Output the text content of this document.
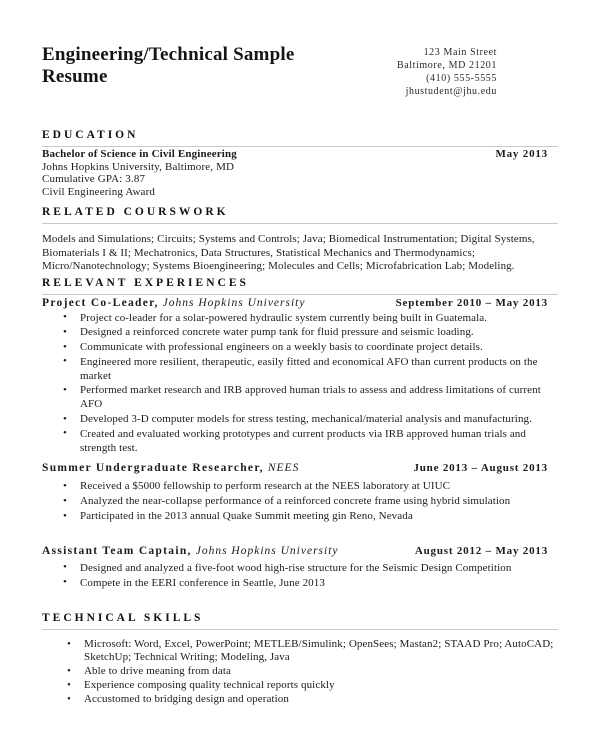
Engineering/Technical Sample Resume
123 Main Street
Baltimore, MD 21201
(410) 555-5555
jhustudent@jhu.edu
EDUCATION
Bachelor of Science in Civil Engineering	May 2013
Johns Hopkins University, Baltimore, MD
Cumulative GPA: 3.87
Civil Engineering Award
RELATED COURSWORK

Models and Simulations; Circuits; Systems and Controls; Java; Biomedical Instrumentation; Digital Systems, Biomaterials I & II; Mechatronics, Data Structures, Statistical Mechanics and Thermodynamics; Micro/Nanotechnology; Systems Bioengineering; Molecules and Cells; Microfabrication Lab; Modeling.

RELEVANT EXPERIENCES
Project Co-Leader, Johns Hopkins University	September 2010 – May 2013
• Project co-leader for a solar-powered hydraulic system currently being built in Guatemala.
• Designed a reinforced concrete water pump tank for fluid pressure and seismic loading.
• Communicate with professional engineers on a weekly basis to coordinate project details.
• Engineered more resilient, therapeutic, easily fitted and economical AFO than current products on the market
• Performed market research and IRB approved human trials to assess and address limitations of current AFO
• Developed 3-D computer models for stress testing, mechanical/material analysis and manufacturing.
• Created and evaluated working prototypes and current products via IRB approved human trials and strength test.
Summer Undergraduate Researcher, NEES	June 2013 – August 2013
• Received a $5000 fellowship to perform research at the NEES laboratory at UIUC
• Analyzed the near-collapse performance of a reinforced concrete frame using hybrid simulation
• Participated in the 2013 annual Quake Summit meeting gin Reno, Nevada
Assistant Team Captain, Johns Hopkins University	August 2012 – May 2013
• Designed and analyzed a five-foot wood high-rise structure for the Seismic Design Competition
• Compete in the EERI conference in Seattle, June 2013
TECHNICAL SKILLS
• Microsoft: Word, Excel, PowerPoint; METLEB/Simulink; OpenSees; Mastan2; STAAD Pro; AutoCAD; SketchUp; Technical Writing; Modeling, Java
• Able to drive meaning from data
• Experience composing quality technical reports quickly
• Accustomed to bridging design and operation
